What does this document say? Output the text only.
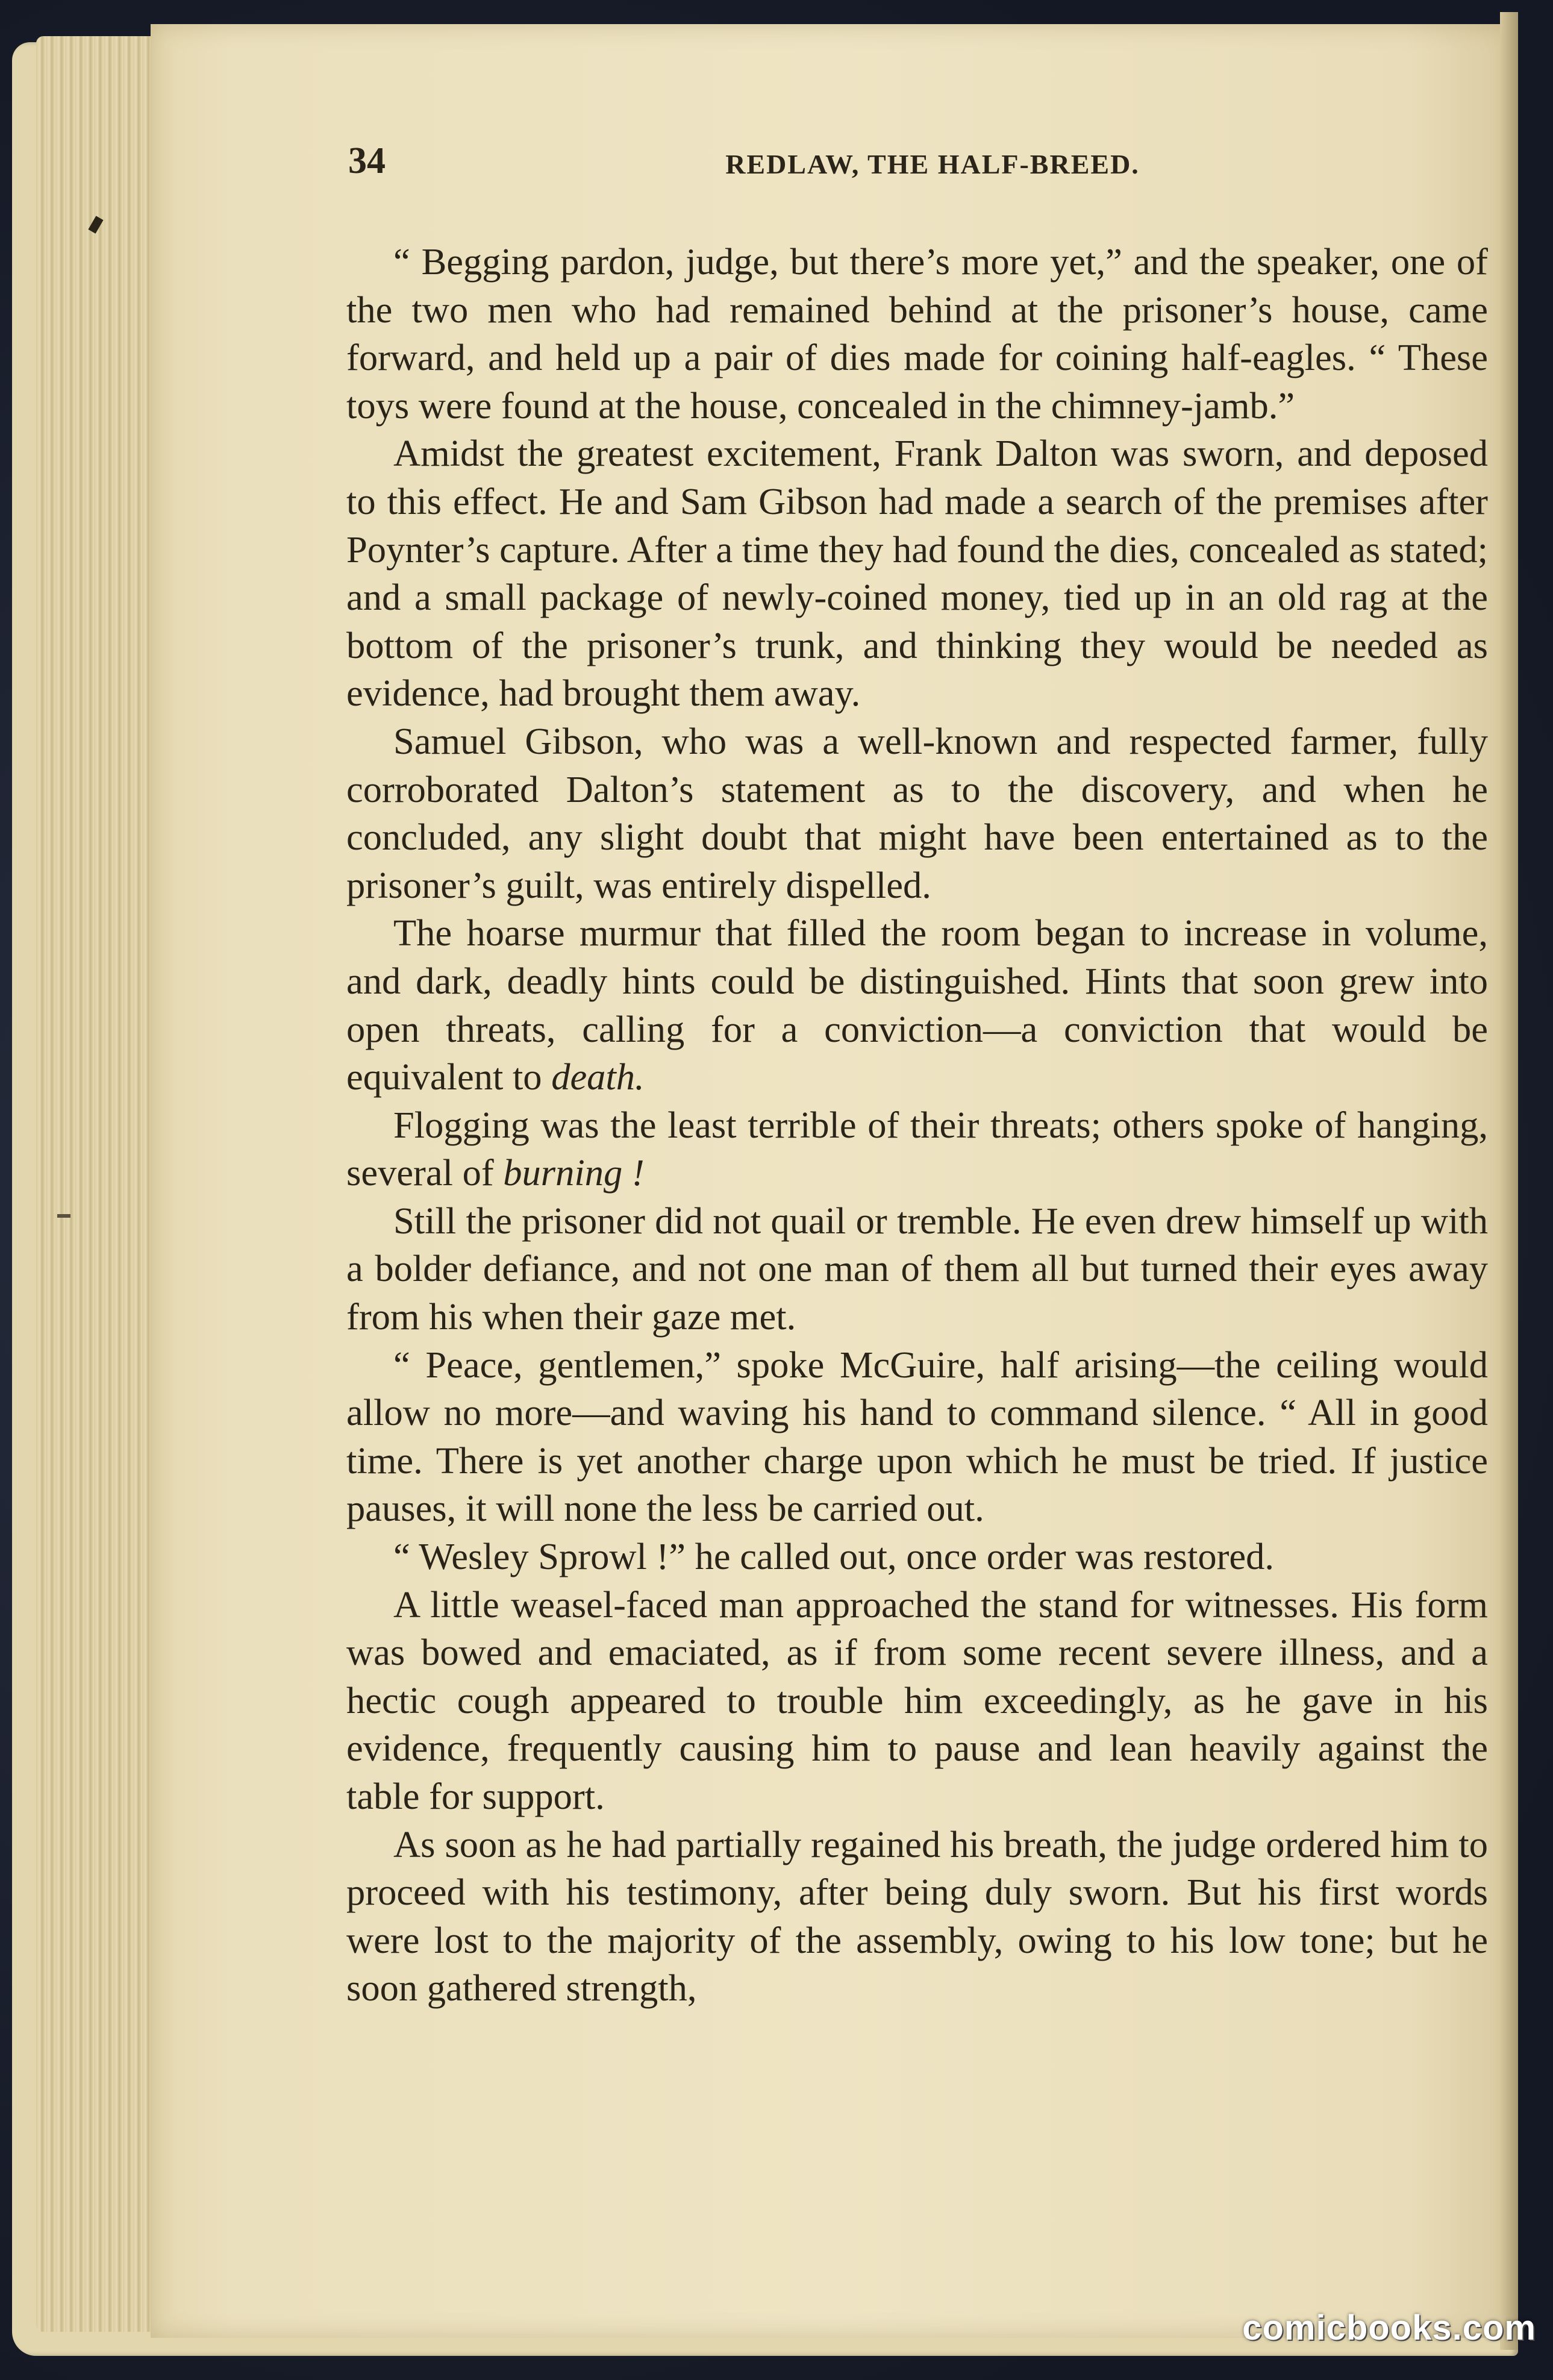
34	REDLAW, THE HALF-BREED.

“ Begging pardon, judge, but there’s more yet,” and the speaker, one of the two men who had remained behind at the prisoner’s house, came forward, and held up a pair of dies made for coining half-eagles. “ These toys were found at the house, concealed in the chimney-jamb.”

Amidst the greatest excitement, Frank Dalton was sworn, and deposed to this effect. He and Sam Gibson had made a search of the premises after Poynter’s capture. After a time they had found the dies, concealed as stated; and a small package of newly-coined money, tied up in an old rag at the bottom of the prisoner’s trunk, and thinking they would be needed as evidence, had brought them away.

Samuel Gibson, who was a well-known and respected farmer, fully corroborated Dalton’s statement as to the discovery, and when he concluded, any slight doubt that might have been entertained as to the prisoner’s guilt, was entirely dispelled.

The hoarse murmur that filled the room began to increase in volume, and dark, deadly hints could be distinguished. Hints that soon grew into open threats, calling for a conviction—a conviction that would be equivalent to death.

Flogging was the least terrible of their threats; others spoke of hanging, several of burning !

Still the prisoner did not quail or tremble. He even drew himself up with a bolder defiance, and not one man of them all but turned their eyes away from his when their gaze met.

“ Peace, gentlemen,” spoke McGuire, half arising—the ceiling would allow no more—and waving his hand to command silence. “ All in good time. There is yet another charge upon which he must be tried. If justice pauses, it will none the less be carried out.

“ Wesley Sprowl !” he called out, once order was restored.

A little weasel-faced man approached the stand for witnesses. His form was bowed and emaciated, as if from some recent severe illness, and a hectic cough appeared to trouble him exceedingly, as he gave in his evidence, frequently causing him to pause and lean heavily against the table for support.

As soon as he had partially regained his breath, the judge ordered him to proceed with his testimony, after being duly sworn. But his first words were lost to the majority of the assembly, owing to his low tone; but he soon gathered strength,

comicbooks.com
